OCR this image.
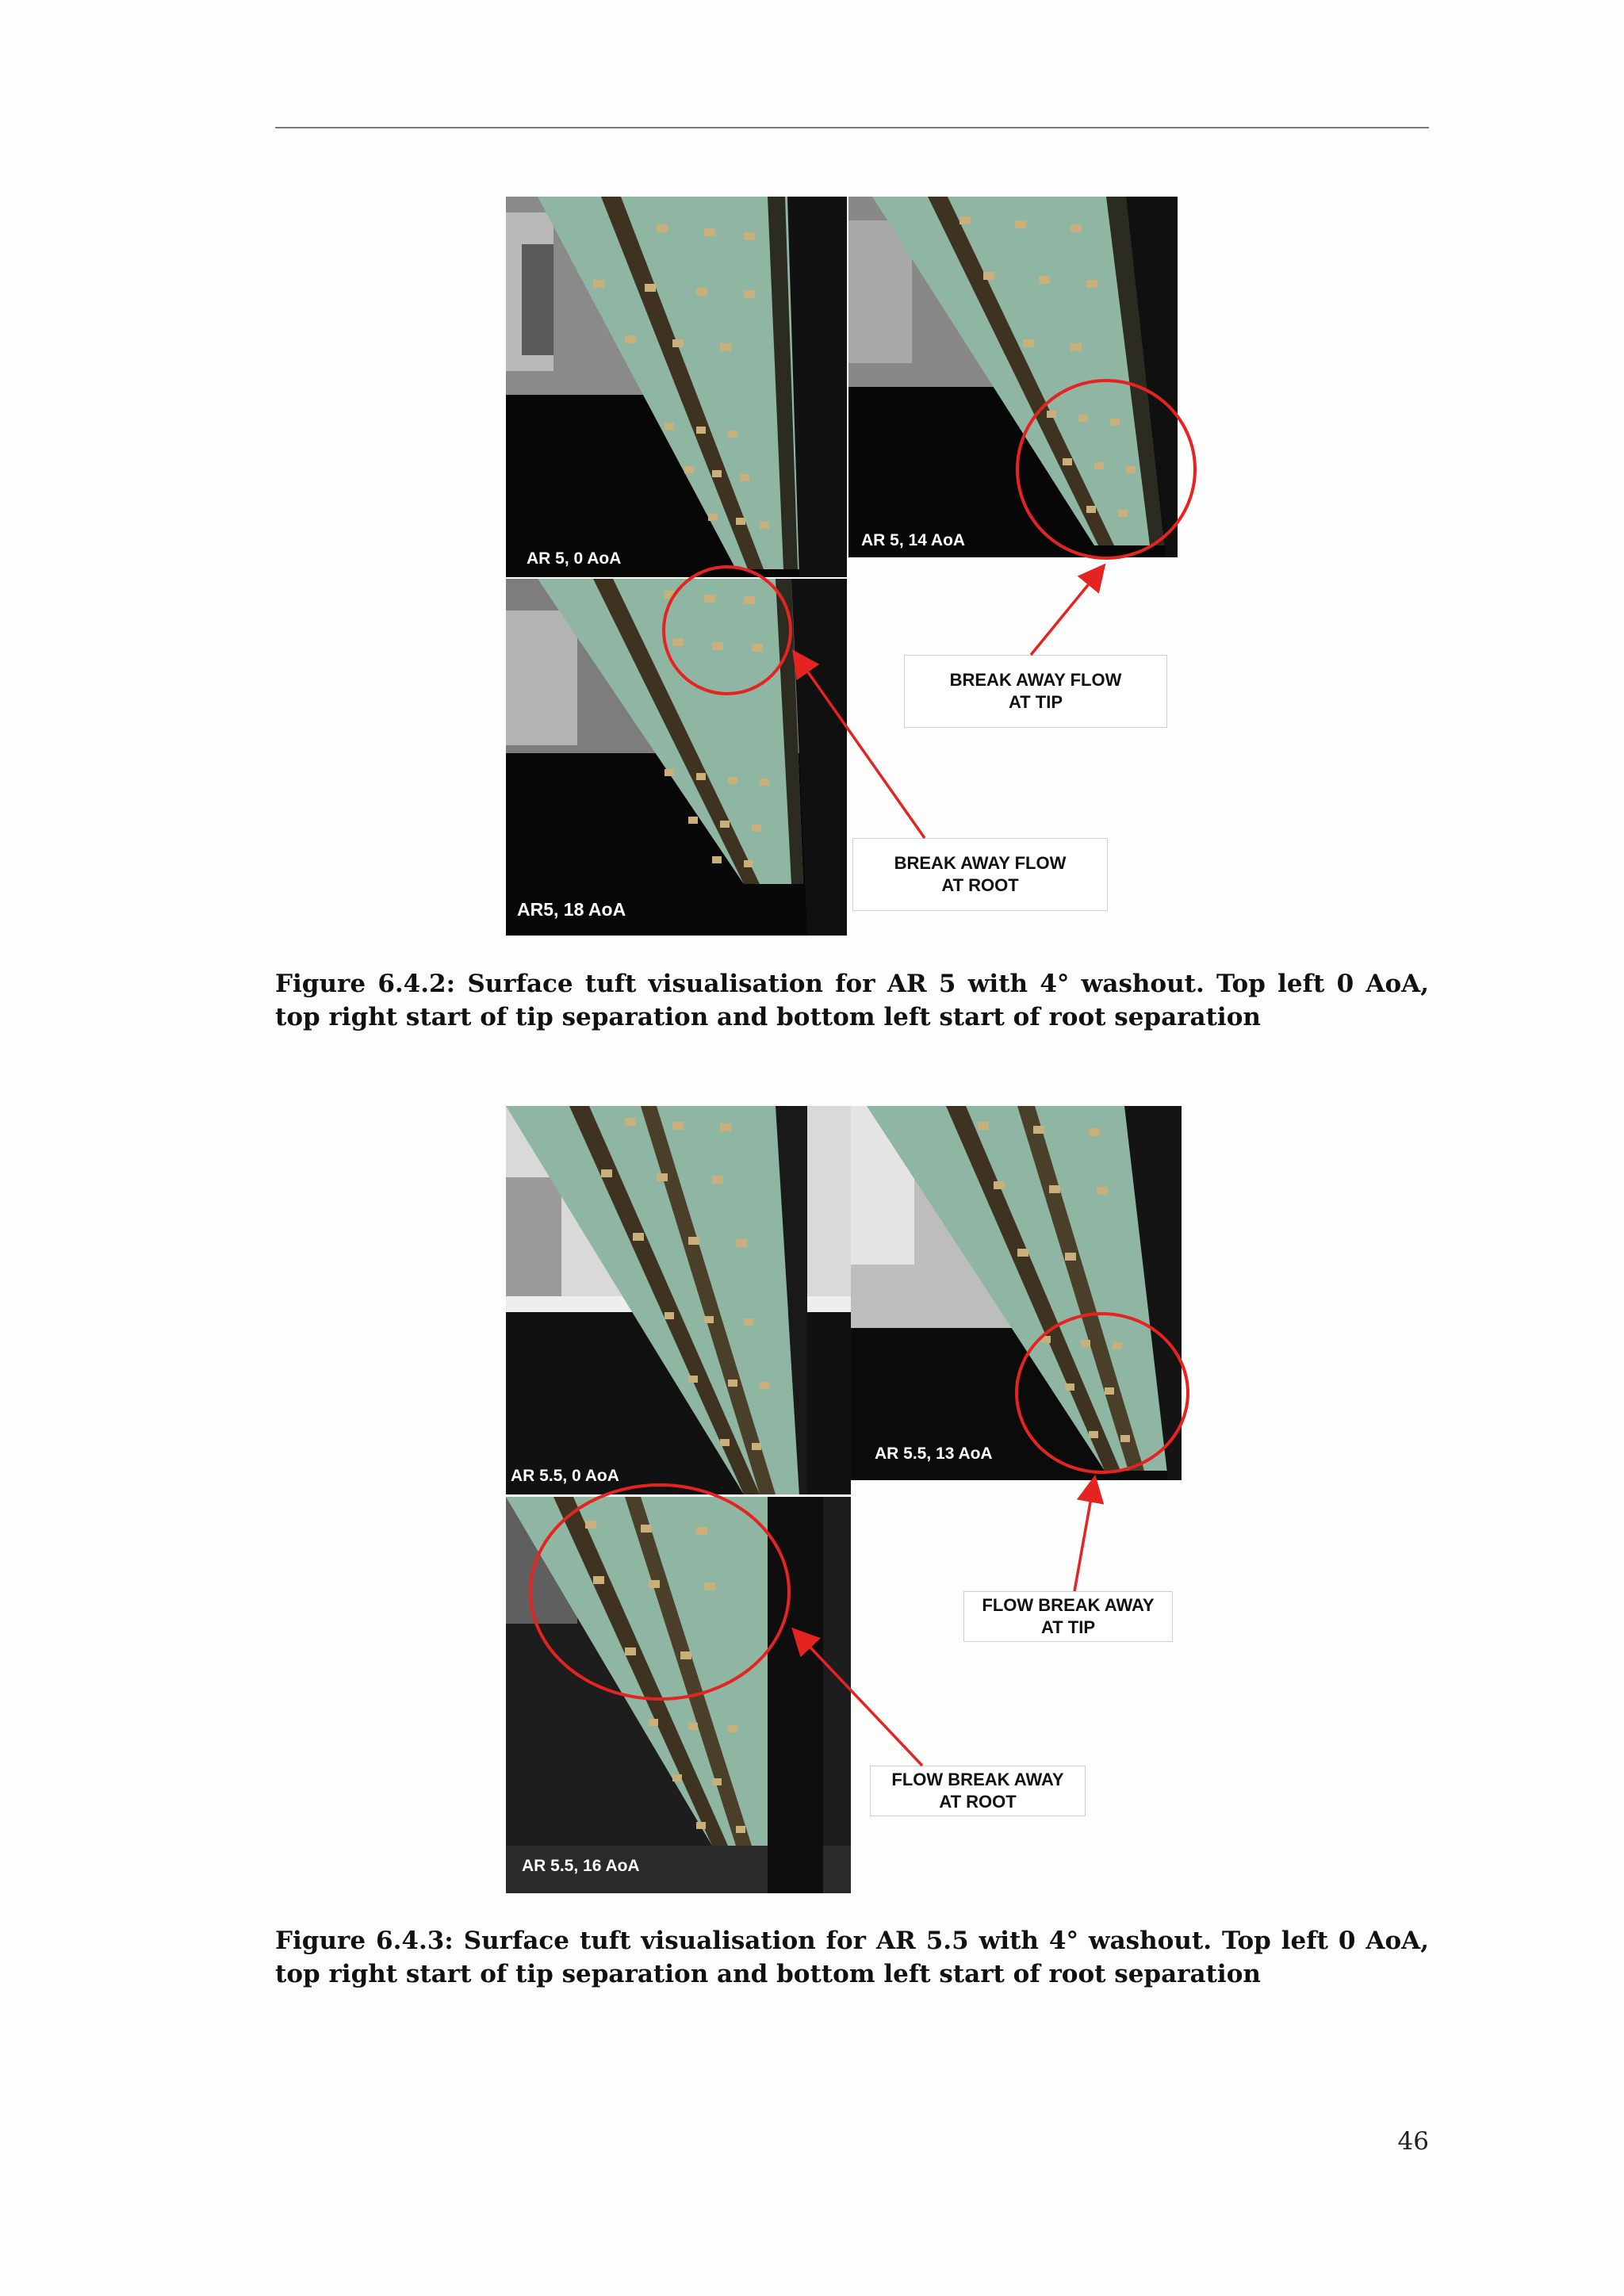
AR 5, 0 AoA
AR 5, 14 AoA
AR5, 18 AoA
BREAK AWAY FLOW
AT TIP
BREAK AWAY FLOW
AT ROOT
Figure 6.4.2: Surface tuft visualisation for AR 5 with 4° washout. Top left 0 AoA,
top right start of tip separation and bottom left start of root separation
AR 5.5, 0 AoA
AR 5.5, 13 AoA
AR 5.5, 16 AoA
FLOW BREAK AWAY
AT TIP
FLOW BREAK AWAY
AT ROOT
Figure 6.4.3: Surface tuft visualisation for AR 5.5 with 4° washout. Top left 0 AoA,
top right start of tip separation and bottom left start of root separation
46
